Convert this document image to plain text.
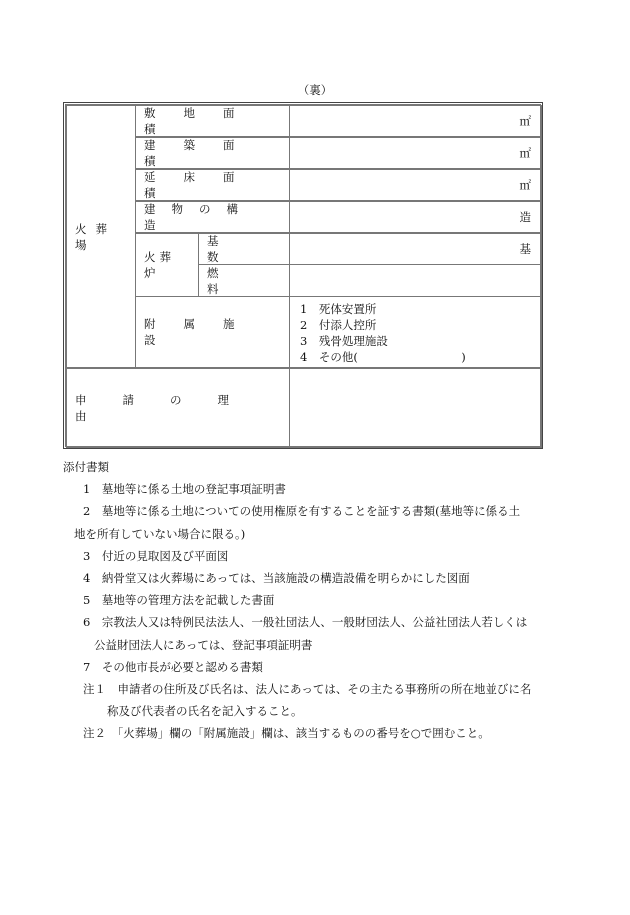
（裏）
火葬場
敷地面積
㎡
建築面積
㎡
延床面積
㎡
建物の構造
造
火葬炉
基数
基
燃料
附属施設
1　死体安置所
2　付添人控所
3　残骨処理施設
4　その他(　　　　　　　　　)
申請の理由
添付書類
1　墓地等に係る土地の登記事項証明書
2　墓地等に係る土地についての使用権原を有することを証する書類(墓地等に係る土
地を所有していない場合に限る。)
3　付近の見取図及び平面図
4　納骨堂又は火葬場にあっては、当該施設の構造設備を明らかにした図面
5　墓地等の管理方法を記載した書面
6　宗教法人又は特例民法法人、一般社団法人、一般財団法人、公益社団法人若しくは
公益財団法人にあっては、登記事項証明書
7　その他市長が必要と認める書類
注１　申請者の住所及び氏名は、法人にあっては、その主たる事務所の所在地並びに名
称及び代表者の氏名を記入すること。
注２　「火葬場」欄の「附属施設」欄は、該当するものの番号を○で囲むこと。
